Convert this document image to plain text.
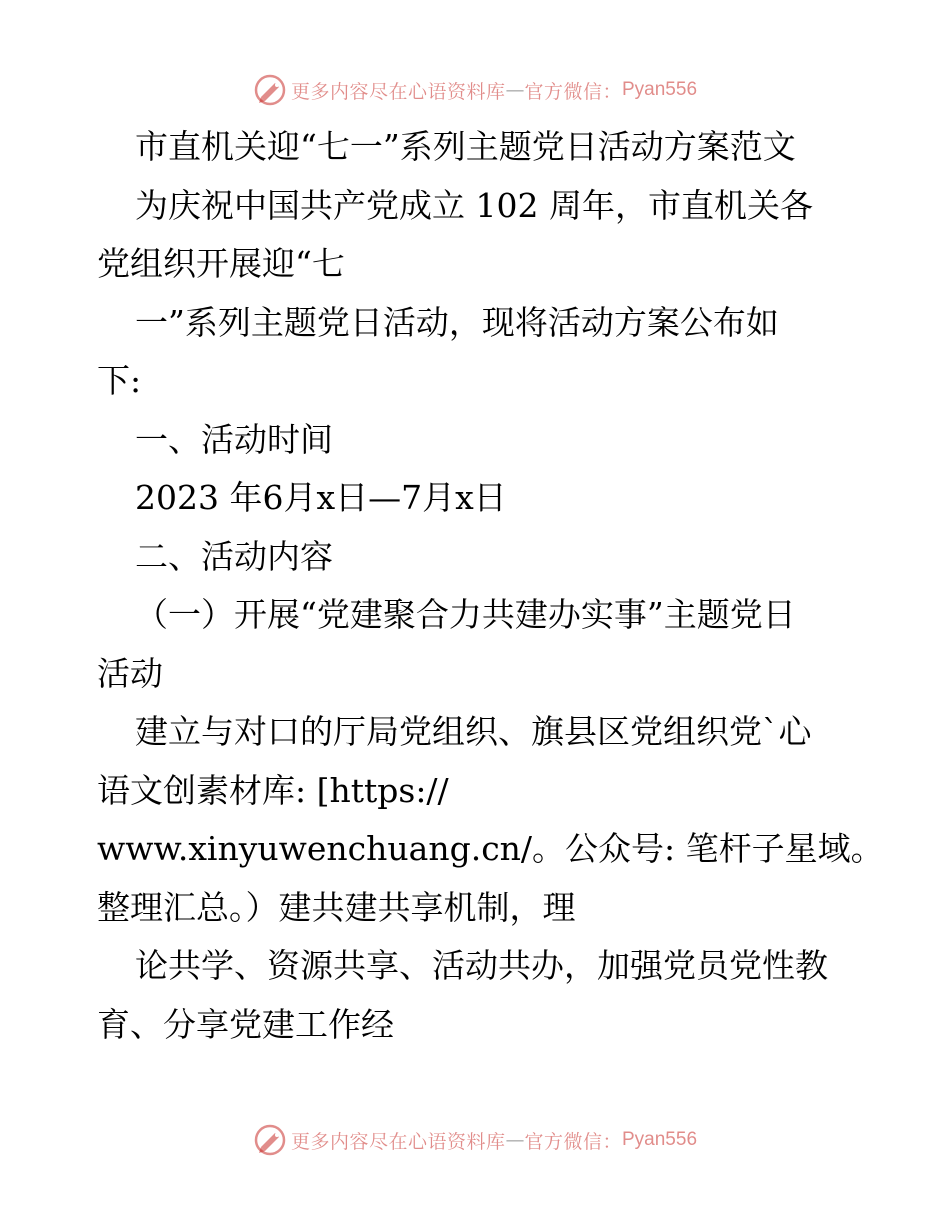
更多内容尽在心语资料库 — 官方微信： Pyan556
市直机关迎“七一”系列主题党日活动方案范文
为庆祝中国共产党成立 102 周年，市直机关各
党组织开展迎“七
一”系列主题党日活动，现将活动方案公布如
下:
一、活动时间
2023 年6月x日—7月x日
二、活动内容
（一）开展“党建聚合力共建办实事”主题党日
活动
建立与对口的厅局党组织、旗县区党组织党`心
语文创素材库: [https://
www.xinyuwenchuang.cn/。公众号: 笔杆子星域。
整理汇总。）建共建共享机制，理
论共学、资源共享、活动共办，加强党员党性教
育、分享党建工作经
更多内容尽在心语资料库 — 官方微信： Pyan556
